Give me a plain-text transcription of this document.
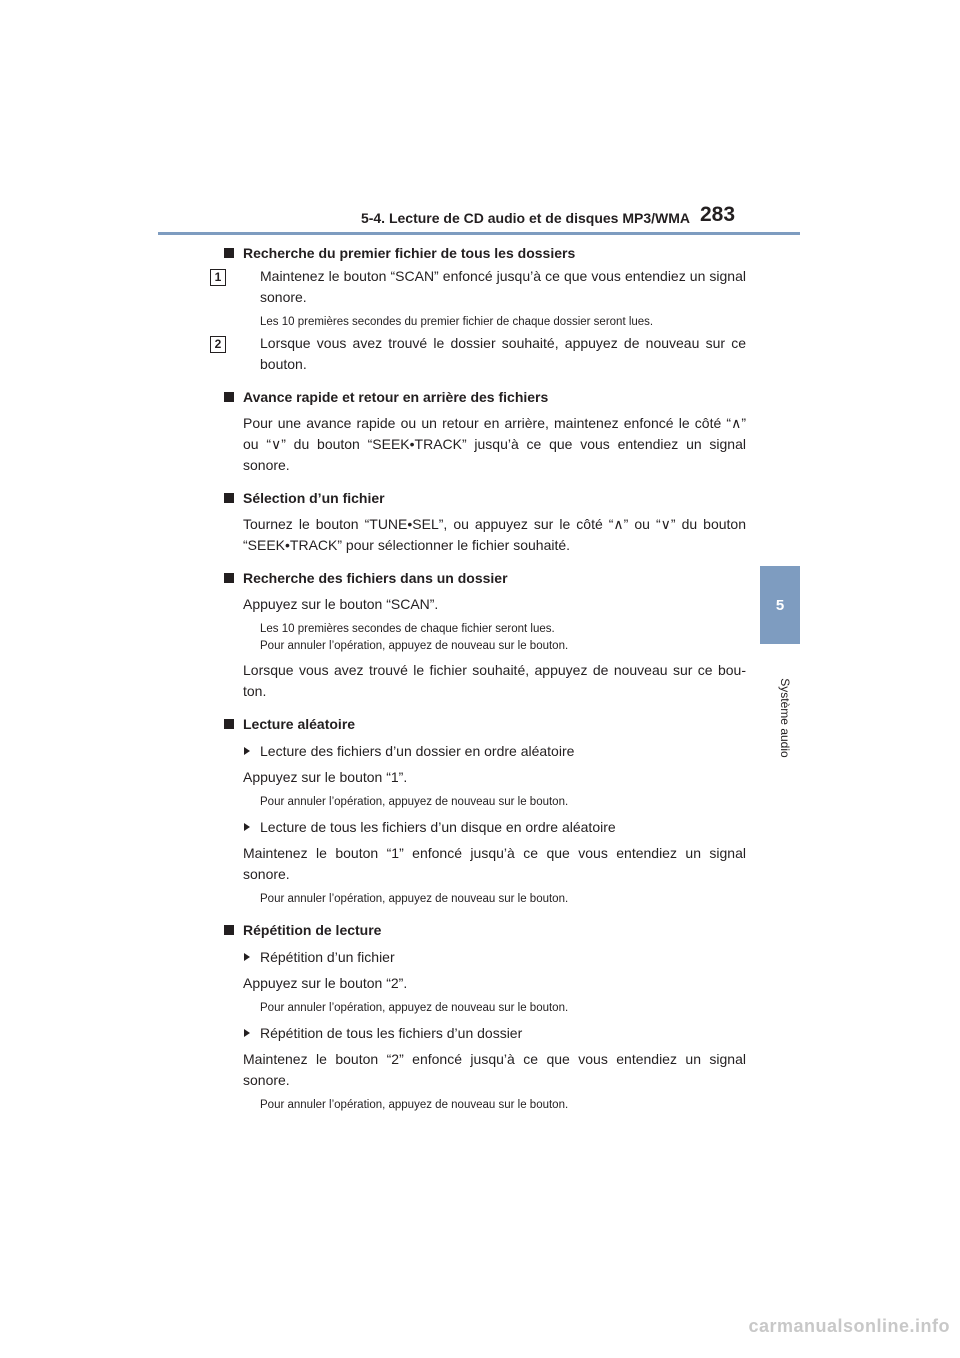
5-4. Lecture de CD audio et de disques MP3/WMA 283
5
Système audio
Recherche du premier fichier de tous les dossiers
1	Maintenez le bouton “SCAN” enfoncé jusqu’à ce que vous entendiez un signal sonore.
Les 10 premières secondes du premier fichier de chaque dossier seront lues.
2	Lorsque vous avez trouvé le dossier souhaité, appuyez de nouveau sur ce bouton.
Avance rapide et retour en arrière des fichiers
Pour une avance rapide ou un retour en arrière, maintenez enfoncé le côté “∧” ou “∨” du bouton “SEEK•TRACK” jusqu’à ce que vous entendiez un signal sonore.
Sélection d’un fichier
Tournez le bouton “TUNE•SEL”, ou appuyez sur le côté “∧” ou “∨” du bouton “SEEK•TRACK” pour sélectionner le fichier souhaité.
Recherche des fichiers dans un dossier
Appuyez sur le bouton “SCAN”.
Les 10 premières secondes de chaque fichier seront lues.
Pour annuler l’opération, appuyez de nouveau sur le bouton.
Lorsque vous avez trouvé le fichier souhaité, appuyez de nouveau sur ce bou-ton.
Lecture aléatoire
Lecture des fichiers d’un dossier en ordre aléatoire
Appuyez sur le bouton “1”.
Pour annuler l’opération, appuyez de nouveau sur le bouton.
Lecture de tous les fichiers d’un disque en ordre aléatoire
Maintenez le bouton “1” enfoncé jusqu’à ce que vous entendiez un signal sonore.
Pour annuler l’opération, appuyez de nouveau sur le bouton.
Répétition de lecture
Répétition d’un fichier
Appuyez sur le bouton “2”.
Pour annuler l’opération, appuyez de nouveau sur le bouton.
Répétition de tous les fichiers d’un dossier
Maintenez le bouton “2” enfoncé jusqu’à ce que vous entendiez un signal sonore.
Pour annuler l’opération, appuyez de nouveau sur le bouton.
carmanualsonline.info
